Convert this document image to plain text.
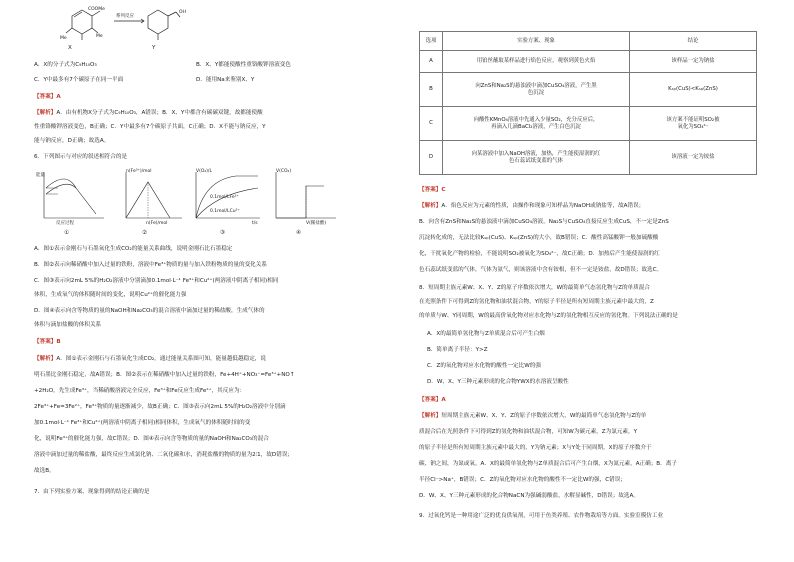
COOMe
Me
Me
系列反应
OH
X	Y
A．X的分子式为C₉H₁₀O₃	B．X、Y都能使酸性重铬酸钾溶液变色
C．Y中最多有7个碳原子在同一平面	D．能用Na来鉴别X、Y
【答案】A
【解析】A．由有机物X分子式为C₉H₁₀O₃，A错误；B．X、Y中都含有碳碳双键，故都能使酸
性重铬酸钾溶液变色，B正确；C．Y中最多有7个碳原子共面，C正确；D．X不能与钠反应，Y
能与钠反应，D正确；故选A。
6．下列图示与对应的叙述相符合的是
能量
反应过程
n(Fe³⁺)/mol
n(Fe)/mol
V(O₂)/L
0.1mol/LFe³⁺
0.1mol/LCu²⁺
t/s
V(CO₂)
V(稀盐酸)
①	②	③	④
A．图①表示金刚石与石墨氧化生成CO₂的能量关系曲线，说明金刚石比石墨稳定
B．图②表示向稀硝酸中加入过量的铁粉，溶液中Fe³⁺物质的量与加入铁粉物质的量的变化关系
C．图③表示向2mL 5%的H₂O₂溶液中分别滴加0.1mol·L⁻¹ Fe³⁺和Cu²⁺(两溶液中阴离子相同)相同
体积，生成氧气的体积随时间的变化，说明Cu²⁺的催化能力强
D．图④表示向含等物质的量的NaOH和Na₂CO₃的混合溶液中滴加过量的稀盐酸，生成气体的
体积与滴加盐酸的体积关系
【答案】B
【解析】A．图①表示金刚石与石墨氧化生成CO₂，通过能量关系图可知，能量越低越稳定，说
明石墨比金刚石稳定，故A错误；B．图②表示在稀硝酸中加入过量的铁粉，Fe+4H⁺+NO₃⁻=Fe³⁺+NO↑
+2H₂O，先生成Fe³⁺，当稀硝酸溶液完全反应，Fe³⁺和Fe反应生成Fe²⁺，其反应为：
2Fe³⁺+Fe=3Fe²⁺，Fe³⁺物质的量逐渐减少，故B正确；C．图③表示向2mL 5%的H₂O₂溶液中分别滴
加0.1mol·L⁻¹ Fe³⁺和Cu²⁺(两溶液中阴离子相同)相同体积，生成氧气的体积随时间的变
化，说明Fe³⁺的催化能力强，故C错误；D．图④表示向含等物质的量的NaOH和Na₂CO₃的混合
溶液中滴加过量的稀盐酸，最终反应生成氯化钠、二氧化碳和水，消耗盐酸的物质的量为2∶1，故D错误；
故选B。
7．由下列实验方案、现象得到的结论正确的是
选项	实验方案、现象	结论
A	用铂丝蘸取某样品进行焰色反应，观察到黄色火焰	该样品一定为钠盐
B	向ZnS和Na₂S的悬浊液中滴加CuSO₄溶液，产生黑
色沉淀	Kₛₚ(CuS)<Kₛₚ(ZnS)
C	向酸性KMnO₄溶液中先通入少量SO₂，充分反应后，
再滴入几滴BaCl₂溶液，产生白色沉淀	该方案不能证明SO₂被
氧化为SO₄²⁻
D	向某溶液中加入NaOH溶液，加热，产生能使湿润的红
色石蕊试纸变蓝的气体	该溶液一定为铵盐
【答案】C
【解析】A．焰色反应为元素的性质，由操作和现象可知样品为NaOH或钠盐等，故A错误；
B．向含有ZnS和Na₂S的悬浊液中滴加CuSO₄溶液，Na₂S与CuSO₄直接反应生成CuS，不一定是ZnS
沉淀转化成的，无法比较Kₛₚ(CuS)、Kₛₚ(ZnS)的大小，故B错误；C．酸性高锰酸钾一般加硫酸酸
化，干扰氧化产物的检验，不能说明SO₂被氧化为SO₄²⁻，故C正确；D．加热后产生能使湿润的红
色石蕊试纸变蓝的气体，气体为氨气，则该溶液中含有铵根，但不一定是铵盐，故D错误；故选C。
8．短周期主族元素W、X、Y、Z的原子序数依次增大，W的最简单气态氢化物与Z的单质混合
在光照条件下可得到Z的氢化物和油状混合物，Y的原子半径是所有短周期主族元素中最大的，Z
的单质与W、Y同周期，W的最高价氧化物对应水化物与Z的氢化物相互反应的氢化物。下列说法正确的是
A．X的最简单氢化物与Z单质混合后可产生白烟
B．简单离子半径：Y>Z
C．Z的氧化物对应水化物的酸性一定比W的强
D．W、X、Y三种元素形成的化合物YWX的水溶液呈酸性
【答案】A
【解析】短周期主族元素W、X、Y、Z的原子序数依次增大，W的最简单气态氢化物与Z的单
质混合后在光照条件下可得到Z的氢化物和油状混合物，可知W为碳元素，Z为氯元素，Y
的原子半径是所有短周期主族元素中最大的，Y为钠元素；X与Y处于同周期，X的原子序数介于
碳、钠之间，为氮或氧。A．X的最简单氢化物与Z单质混合后可产生白烟，X为氮元素，A正确；B．离子
半径Cl⁻>Na⁺，B错误；C．Z的氧化物对应水化物的酸性不一定比W的强，C错误；
D．W、X、Y三种元素形成的化合物NaCN为强碱弱酸盐，水解显碱性，D错误；故选A。
9．过氧化钙是一种用途广泛的优良供氧剂，可用于鱼类养殖、农作物栽培等方面。实验室模仿工业
